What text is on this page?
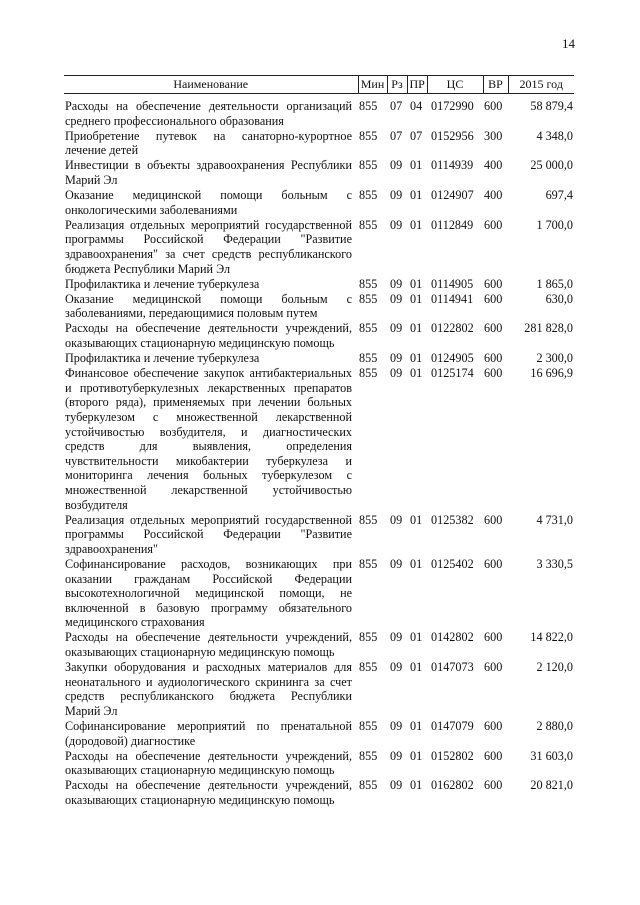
14
Наименование	Мин	Рз	ПР	ЦС	ВР	2015 год
Расходы на обеспечение деятельности организаций среднего профессионального образования	855	07	04	0172990	600	58 879,4
Приобретение путевок на санаторно-курортное лечение детей	855	07	07	0152956	300	4 348,0
Инвестиции в объекты здравоохранения Республики Марий Эл	855	09	01	0114939	400	25 000,0
Оказание медицинской помощи больным с онкологическими заболеваниями	855	09	01	0124907	400	697,4
Реализация отдельных мероприятий государственной программы Российской Федерации "Развитие здравоохранения" за счет средств республиканского бюджета Республики Марий Эл	855	09	01	0112849	600	1 700,0
Профилактика и лечение туберкулеза	855	09	01	0114905	600	1 865,0
Оказание медицинской помощи больным с заболеваниями, передающимися половым путем	855	09	01	0114941	600	630,0
Расходы на обеспечение деятельности учреждений, оказывающих стационарную медицинскую помощь	855	09	01	0122802	600	281 828,0
Профилактика и лечение туберкулеза	855	09	01	0124905	600	2 300,0
Финансовое обеспечение закупок антибактериальных и противотуберкулезных лекарственных препаратов (второго ряда), применяемых при лечении больных туберкулезом с множественной лекарственной устойчивостью возбудителя, и диагностических средств для выявления, определения чувствительности микобактерии туберкулеза и мониторинга лечения больных туберкулезом с множественной лекарственной устойчивостью возбудителя	855	09	01	0125174	600	16 696,9
Реализация отдельных мероприятий государственной программы Российской Федерации "Развитие здравоохранения"	855	09	01	0125382	600	4 731,0
Софинансирование расходов, возникающих при оказании гражданам Российской Федерации высокотехнологичной медицинской помощи, не включенной в базовую программу обязательного медицинского страхования	855	09	01	0125402	600	3 330,5
Расходы на обеспечение деятельности учреждений, оказывающих стационарную медицинскую помощь	855	09	01	0142802	600	14 822,0
Закупки оборудования и расходных материалов для неонатального и аудиологического скрининга за счет средств республиканского бюджета Республики Марий Эл	855	09	01	0147073	600	2 120,0
Софинансирование мероприятий по пренатальной (дородовой) диагностике	855	09	01	0147079	600	2 880,0
Расходы на обеспечение деятельности учреждений, оказывающих стационарную медицинскую помощь	855	09	01	0152802	600	31 603,0
Расходы на обеспечение деятельности учреждений, оказывающих стационарную медицинскую помощь	855	09	01	0162802	600	20 821,0
